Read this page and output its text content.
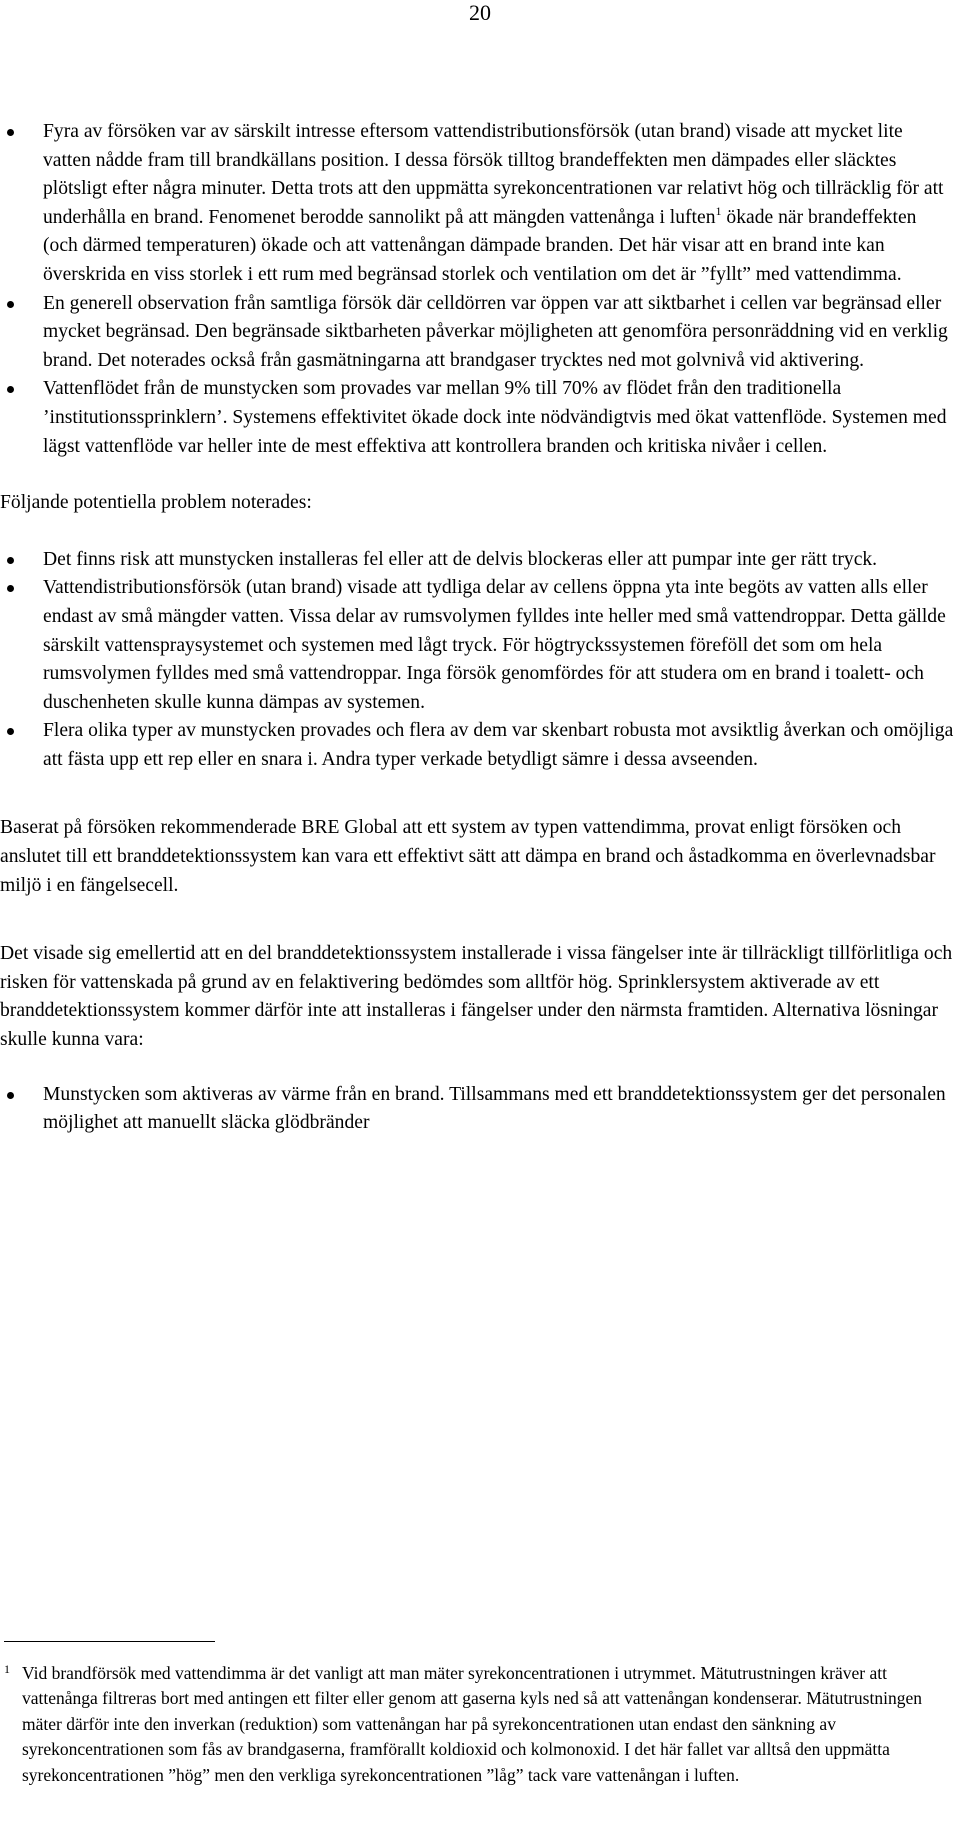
20
Fyra av försöken var av särskilt intresse eftersom vattendistributionsförsök (utan brand) visade att mycket lite vatten nådde fram till brandkällans position. I dessa försök tilltog brandeffekten men dämpades eller släcktes plötsligt efter några minuter. Detta trots att den uppmätta syrekoncentrationen var relativt hög och tillräcklig för att underhålla en brand. Fenomenet berodde sannolikt på att mängden vattenånga i luften$^1$ ökade när brandeffekten (och därmed temperaturen) ökade och att vattenångan dämpade branden. Det här visar att en brand inte kan överskrida en viss storlek i ett rum med begränsad storlek och ventilation om det är ”fyllt” med vattendimma.
En generell observation från samtliga försök där celldörren var öppen var att siktbarhet i cellen var begränsad eller mycket begränsad. Den begränsade siktbarheten påverkar möjligheten att genomföra personräddning vid en verklig brand. Det noterades också från gasmätningarna att brandgaser trycktes ned mot golvnivå vid aktivering.
Vattenflödet från de munstycken som provades var mellan 9% till 70% av flödet från den traditionella ’institutionssprinklern’. Systemens effektivitet ökade dock inte nödvändigtvis med ökat vattenflöde. Systemen med lägst vattenflöde var heller inte de mest effektiva att kontrollera branden och kritiska nivåer i cellen.

Följande potentiella problem noterades:

Det finns risk att munstycken installeras fel eller att de delvis blockeras eller att pumpar inte ger rätt tryck.
Vattendistributionsförsök (utan brand) visade att tydliga delar av cellens öppna yta inte begöts av vatten alls eller endast av små mängder vatten. Vissa delar av rumsvolymen fylldes inte heller med små vattendroppar. Detta gällde särskilt vattenspraysystemet och systemen med lågt tryck. För högtryckssystemen föreföll det som om hela rumsvolymen fylldes med små vattendroppar. Inga försök genomfördes för att studera om en brand i toalett- och duschenheten skulle kunna dämpas av systemen.
Flera olika typer av munstycken provades och flera av dem var skenbart robusta mot avsiktlig åverkan och omöjliga att fästa upp ett rep eller en snara i. Andra typer verkade betydligt sämre i dessa avseenden.

Baserat på försöken rekommenderade BRE Global att ett system av typen vattendimma, provat enligt försöken och anslutet till ett branddetektionssystem kan vara ett effektivt sätt att dämpa en brand och åstadkomma en överlevnadsbar miljö i en fängelsecell.

Det visade sig emellertid att en del branddetektionssystem installerade i vissa fängelser inte är tillräckligt tillförlitliga och risken för vattenskada på grund av en felaktivering bedömdes som alltför hög. Sprinklersystem aktiverade av ett branddetektionssystem kommer därför inte att installeras i fängelser under den närmsta framtiden. Alternativa lösningar skulle kunna vara:

Munstycken som aktiveras av värme från en brand. Tillsammans med ett branddetektionssystem ger det personalen möjlighet att manuellt släcka glödbränder
1 Vid brandförsök med vattendimma är det vanligt att man mäter syrekoncentrationen i utrymmet. Mätutrustningen kräver att vattenånga filtreras bort med antingen ett filter eller genom att gaserna kyls ned så att vattenångan kondenserar. Mätutrustningen mäter därför inte den inverkan (reduktion) som vattenångan har på syrekoncentrationen utan endast den sänkning av syrekoncentrationen som fås av brandgaserna, framförallt koldioxid och kolmonoxid. I det här fallet var alltså den uppmätta syrekoncentrationen ”hög” men den verkliga syrekoncentrationen ”låg” tack vare vattenångan i luften.
